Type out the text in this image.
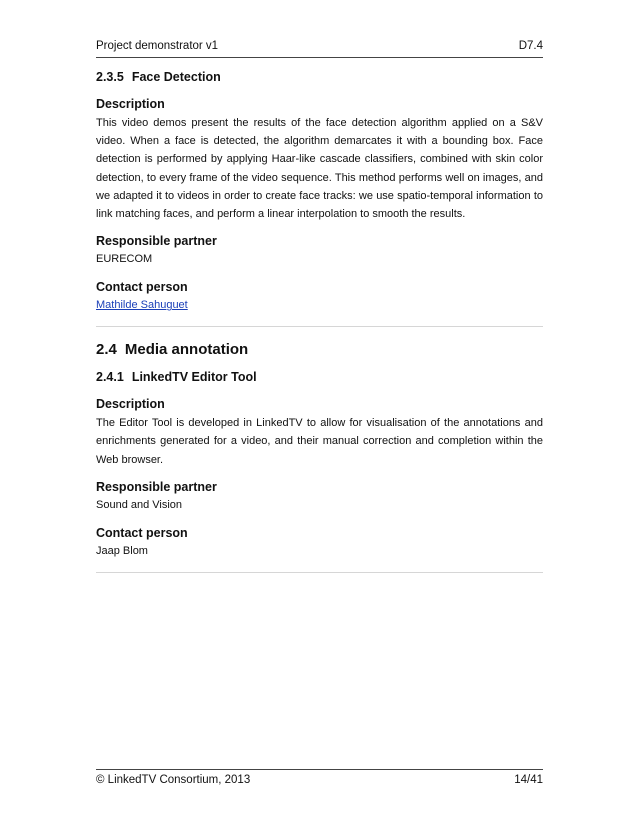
Project demonstrator v1	D7.4
2.3.5 Face Detection
Description

This video demos present the results of the face detection algorithm applied on a S&V video. When a face is detected, the algorithm demarcates it with a bounding box. Face detection is performed by applying Haar-like cascade classifiers, combined with skin color detection, to every frame of the video sequence. This method performs well on images, and we adapted it to videos in order to create face tracks: we use spatio-temporal information to link matching faces, and perform a linear interpolation to smooth the results.

Responsible partner
EURECOM
Contact person
Mathilde Sahuguet
2.4 Media annotation
2.4.1 LinkedTV Editor Tool
Description

The Editor Tool is developed in LinkedTV to allow for visualisation of the annotations and enrichments generated for a video, and their manual correction and completion within the Web browser.

Responsible partner
Sound and Vision
Contact person
Jaap Blom
© LinkedTV Consortium, 2013	14/41
